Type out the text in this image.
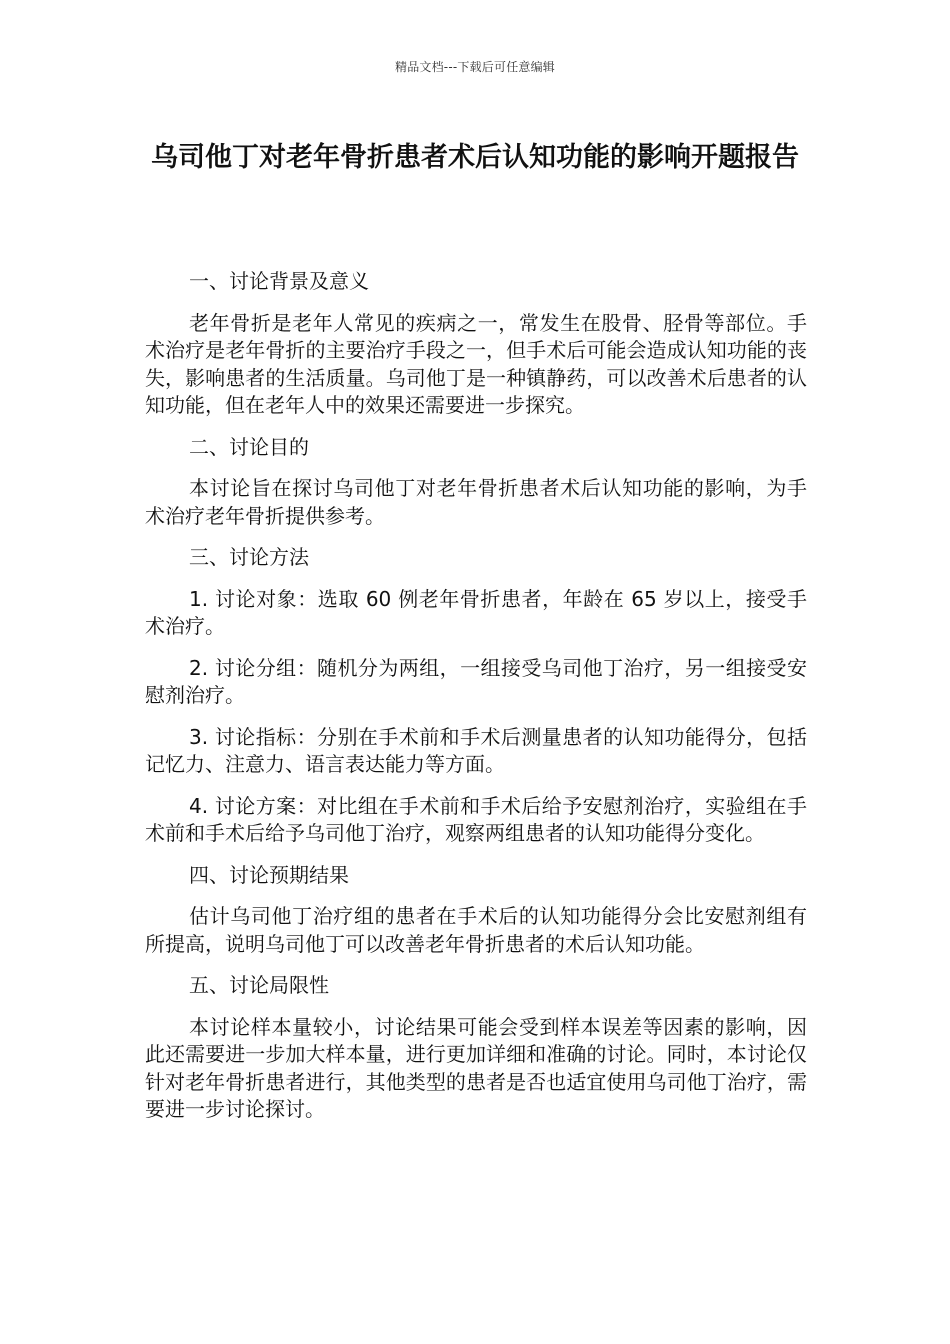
精品文档---下载后可任意编辑
乌司他丁对老年骨折患者术后认知功能的影响开题报告

一、讨论背景及意义

老年骨折是老年人常见的疾病之一，常发生在股骨、胫骨等部位。手术治疗是老年骨折的主要治疗手段之一，但手术后可能会造成认知功能的丧失，影响患者的生活质量。乌司他丁是一种镇静药，可以改善术后患者的认知功能，但在老年人中的效果还需要进一步探究。

二、讨论目的

本讨论旨在探讨乌司他丁对老年骨折患者术后认知功能的影响，为手术治疗老年骨折提供参考。

三、讨论方法

1. 讨论对象：选取 60 例老年骨折患者，年龄在 65 岁以上，接受手术治疗。

2. 讨论分组：随机分为两组，一组接受乌司他丁治疗，另一组接受安慰剂治疗。

3. 讨论指标：分别在手术前和手术后测量患者的认知功能得分，包括记忆力、注意力、语言表达能力等方面。

4. 讨论方案：对比组在手术前和手术后给予安慰剂治疗，实验组在手术前和手术后给予乌司他丁治疗，观察两组患者的认知功能得分变化。

四、讨论预期结果

估计乌司他丁治疗组的患者在手术后的认知功能得分会比安慰剂组有所提高，说明乌司他丁可以改善老年骨折患者的术后认知功能。

五、讨论局限性

本讨论样本量较小，讨论结果可能会受到样本误差等因素的影响，因此还需要进一步加大样本量，进行更加详细和准确的讨论。同时，本讨论仅针对老年骨折患者进行，其他类型的患者是否也适宜使用乌司他丁治疗，需要进一步讨论探讨。
